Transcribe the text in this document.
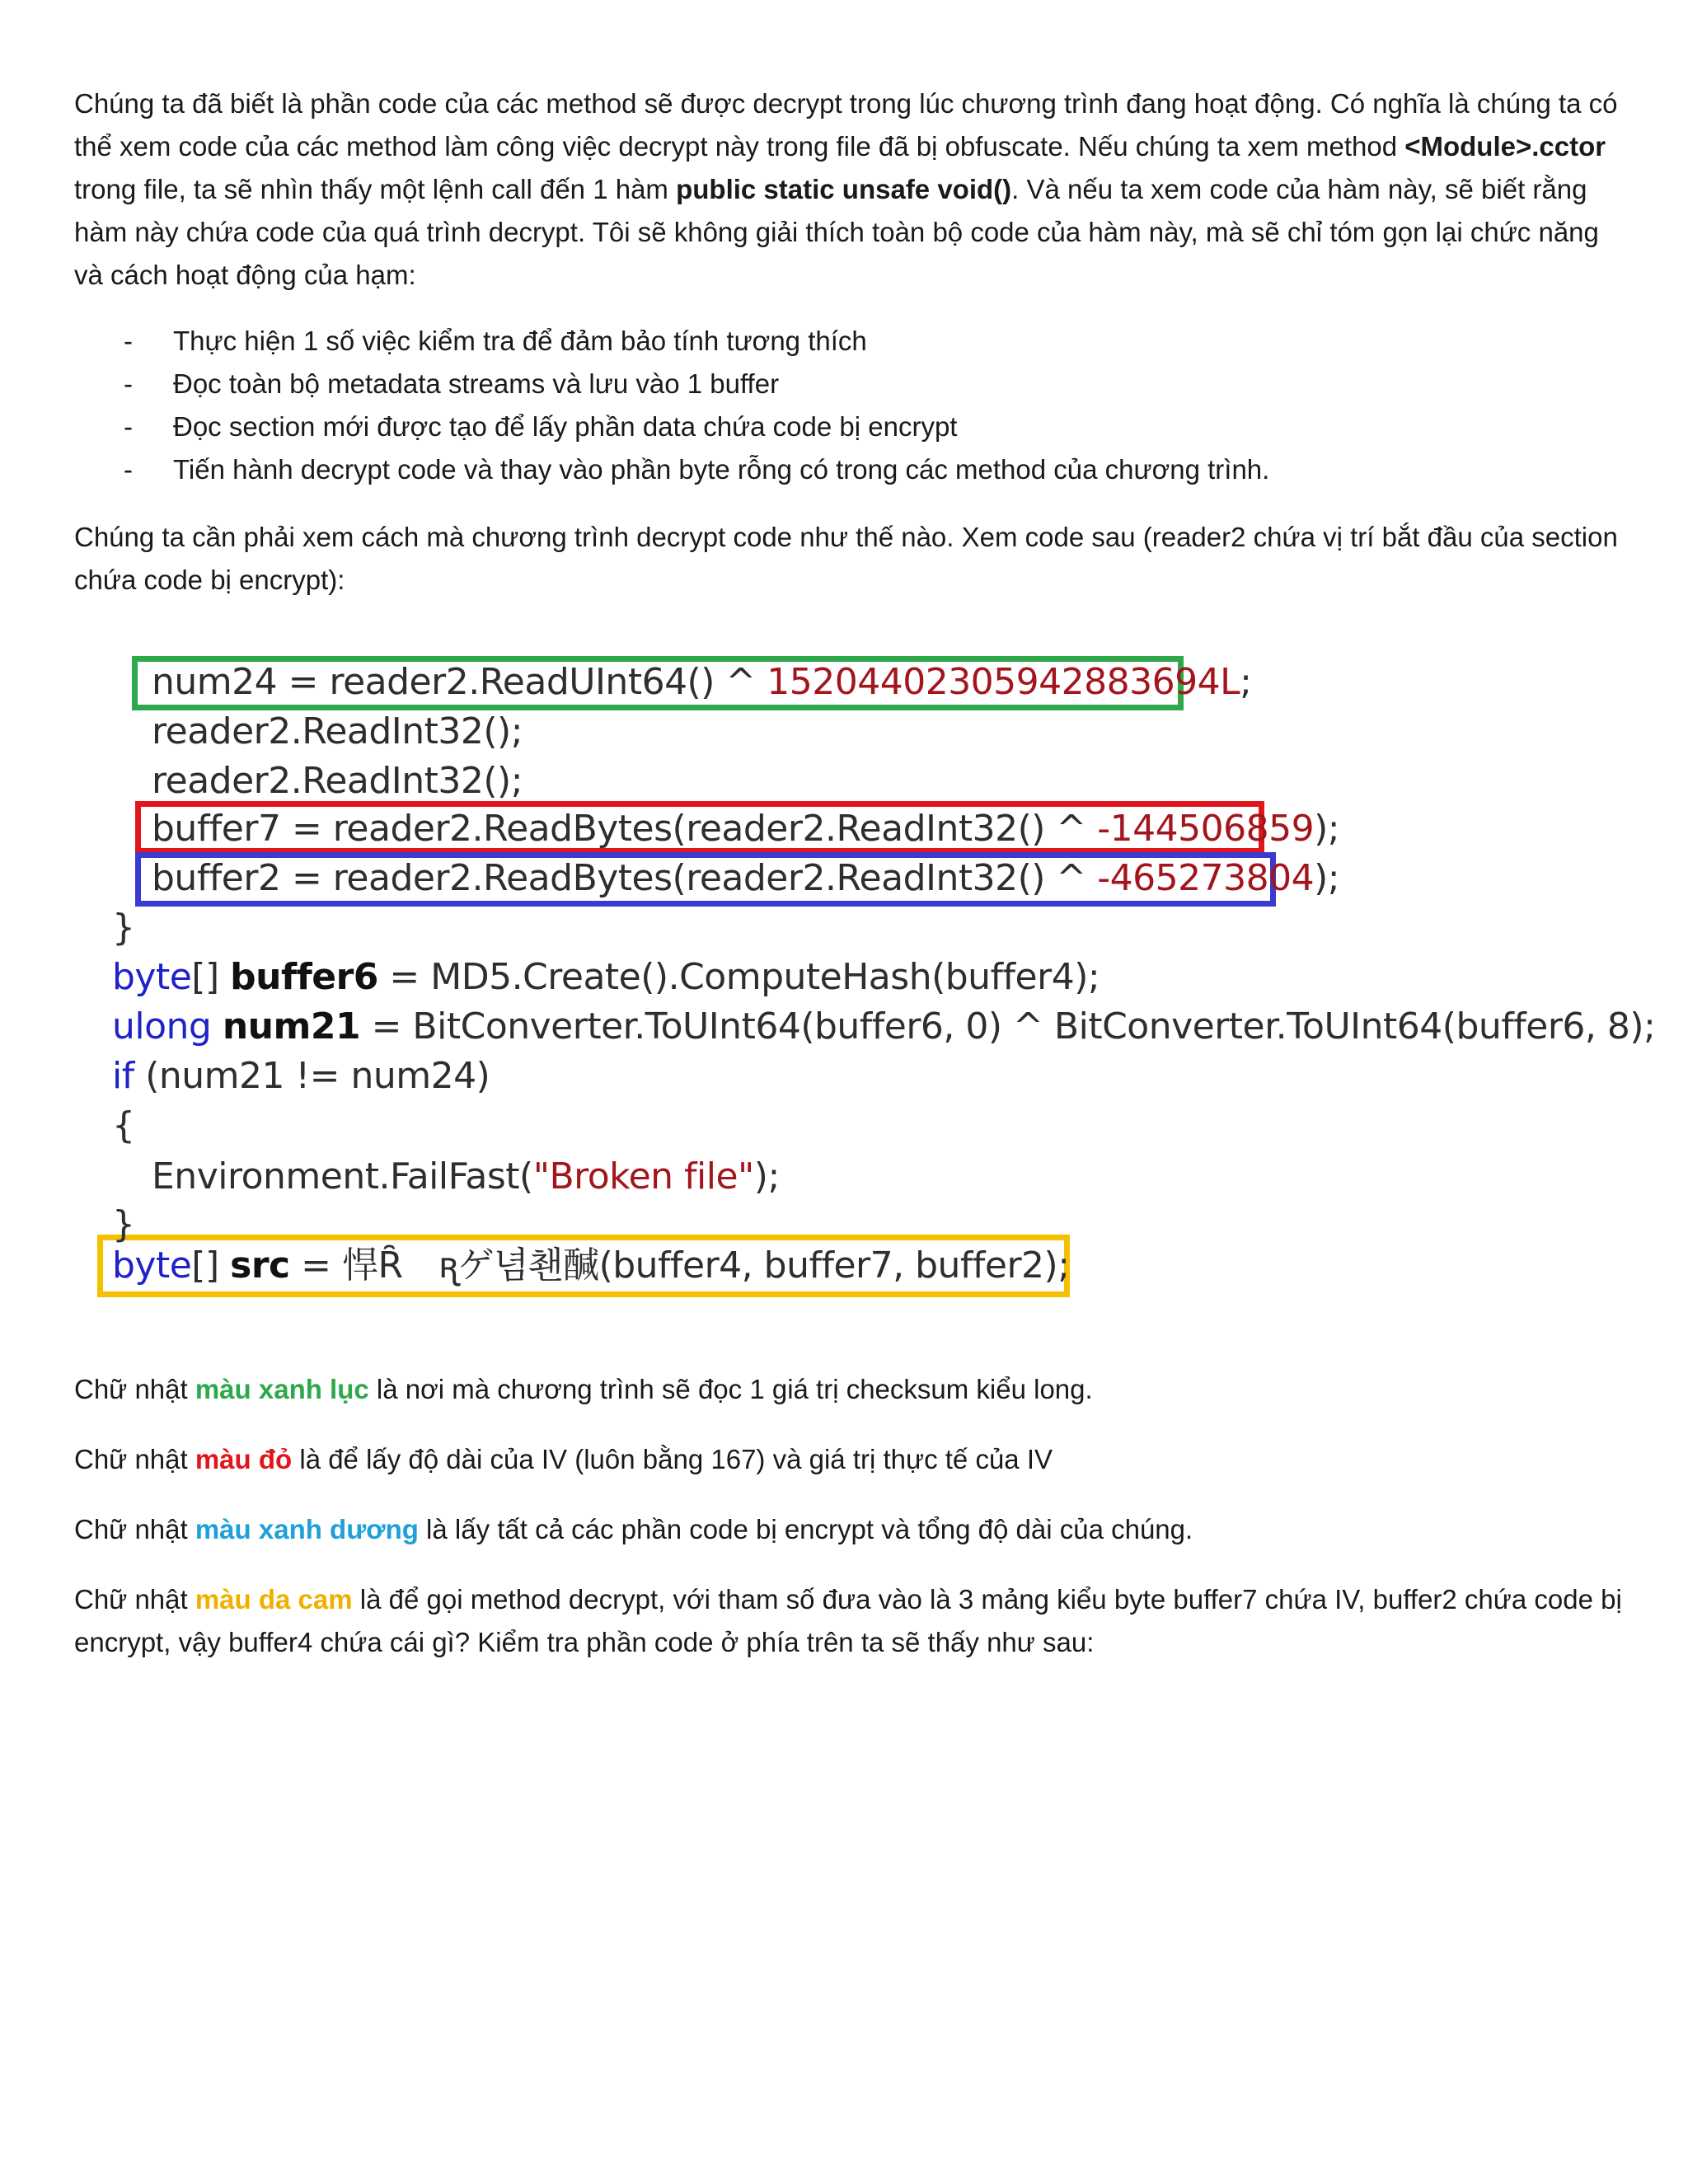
Chúng ta đã biết là phần code của các method sẽ được decrypt trong lúc chương trình đang hoạt động. Có nghĩa là chúng ta có thể xem code của các method làm công việc decrypt này trong file đã bị obfuscate. Nếu chúng ta xem method <Module>.cctor trong file, ta sẽ nhìn thấy một lệnh call đến 1 hàm public static unsafe void(). Và nếu ta xem code của hàm này, sẽ biết rằng hàm này chứa code của quá trình decrypt. Tôi sẽ không giải thích toàn bộ code của hàm này, mà sẽ chỉ tóm gọn lại chức năng và cách hoạt động của hạm:

- Thực hiện 1 số việc kiểm tra để đảm bảo tính tương thích
- Đọc toàn bộ metadata streams và lưu vào 1 buffer
- Đọc section mới được tạo để lấy phần data chứa code bị encrypt
- Tiến hành decrypt code và thay vào phần byte rỗng có trong các method của chương trình.

Chúng ta cần phải xem cách mà chương trình decrypt code như thế nào. Xem code sau (reader2 chứa vị trí bắt đầu của section chứa code bị encrypt):

num24 = reader2.ReadUInt64() ^ 15204402305942883694L;
reader2.ReadInt32();
reader2.ReadInt32();
buffer7 = reader2.ReadBytes(reader2.ReadInt32() ^ -144506859);
buffer2 = reader2.ReadBytes(reader2.ReadInt32() ^ -465273804);
}
byte[] buffer6 = MD5.Create().ComputeHash(buffer4);
ulong num21 = BitConverter.ToUInt64(buffer6, 0) ^ BitConverter.ToUInt64(buffer6, 8);
if (num21 != num24)
{
Environment.FailFast("Broken file");
}
byte[] src = 悍Ȓ　ꭆゲ념쵄醎(buffer4, buffer7, buffer2);

Chữ nhật màu xanh lục là nơi mà chương trình sẽ đọc 1 giá trị checksum kiểu long.

Chữ nhật màu đỏ là để lấy độ dài của IV (luôn bằng 167) và giá trị thực tế của IV

Chữ nhật màu xanh dương là lấy tất cả các phần code bị encrypt và tổng độ dài của chúng.

Chữ nhật màu da cam là để gọi method decrypt, với tham số đưa vào là 3 mảng kiểu byte buffer7 chứa IV, buffer2 chứa code bị encrypt, vậy buffer4 chứa cái gì? Kiểm tra phần code ở phía trên ta sẽ thấy như sau:
